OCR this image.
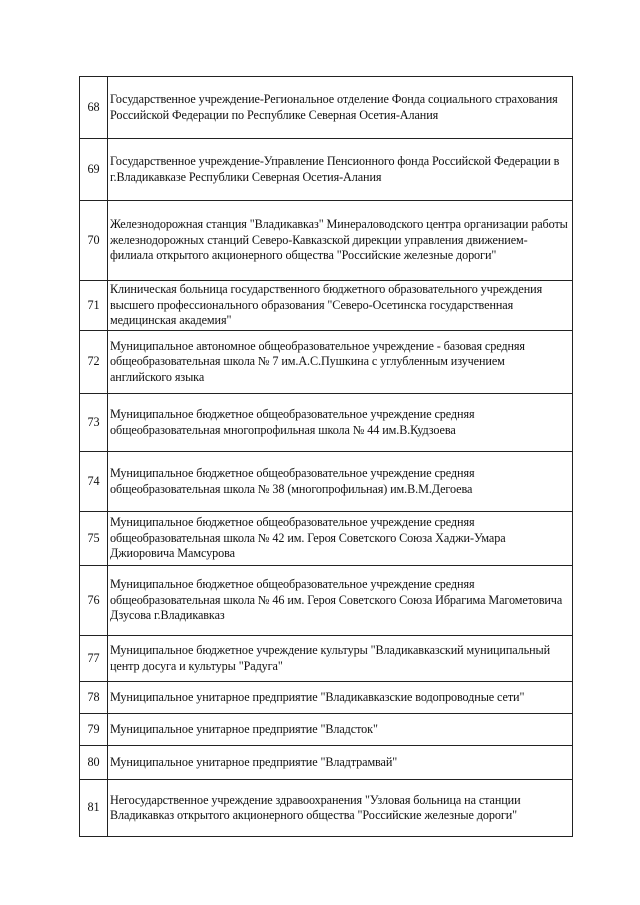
68	Государственное учреждение-Региональное отделение Фонда социального страхования Российской Федерации по Республике Северная Осетия-Алания
69	Государственное учреждение-Управление Пенсионного фонда Российской Федерации в г.Владикавказе Республики Северная Осетия-Алания
70	Железнодорожная станция "Владикавказ" Минераловодского центра организации работы железнодорожных станций Северо-Кавказской дирекции управления движением-филиала открытого акционерного общества "Российские железные дороги"
71	Клиническая больница государственного бюджетного образовательного учреждения высшего профессионального образования "Северо-Осетинска государственная медицинская академия"
72	Муниципальное автономное общеобразовательное учреждение - базовая средняя общеобразовательная школа № 7 им.А.С.Пушкина с углубленным изучением английского языка
73	Муниципальное бюджетное общеобразовательное учреждение средняя общеобразовательная многопрофильная школа № 44 им.В.Кудзоева
74	Муниципальное бюджетное общеобразовательное учреждение средняя общеобразовательная школа № 38 (многопрофильная) им.В.М.Дегоева
75	Муниципальное бюджетное общеобразовательное учреждение средняя общеобразовательная школа № 42 им. Героя Советского Союза Хаджи-Умара Джиоровича Мамсурова
76	Муниципальное бюджетное общеобразовательное учреждение средняя общеобразовательная школа № 46 им. Героя Советского Союза Ибрагима Магометовича Дзусова г.Владикавказ
77	Муниципальное бюджетное учреждение культуры "Владикавказский муниципальный центр досуга и культуры "Радуга"
78	Муниципальное унитарное предприятие "Владикавказские водопроводные сети"
79	Муниципальное унитарное предприятие "Владсток"
80	Муниципальное унитарное предприятие "Владтрамвай"
81	Негосударственное учреждение здравоохранения "Узловая больница на станции Владикавказ открытого акционерного общества "Российские железные дороги"
